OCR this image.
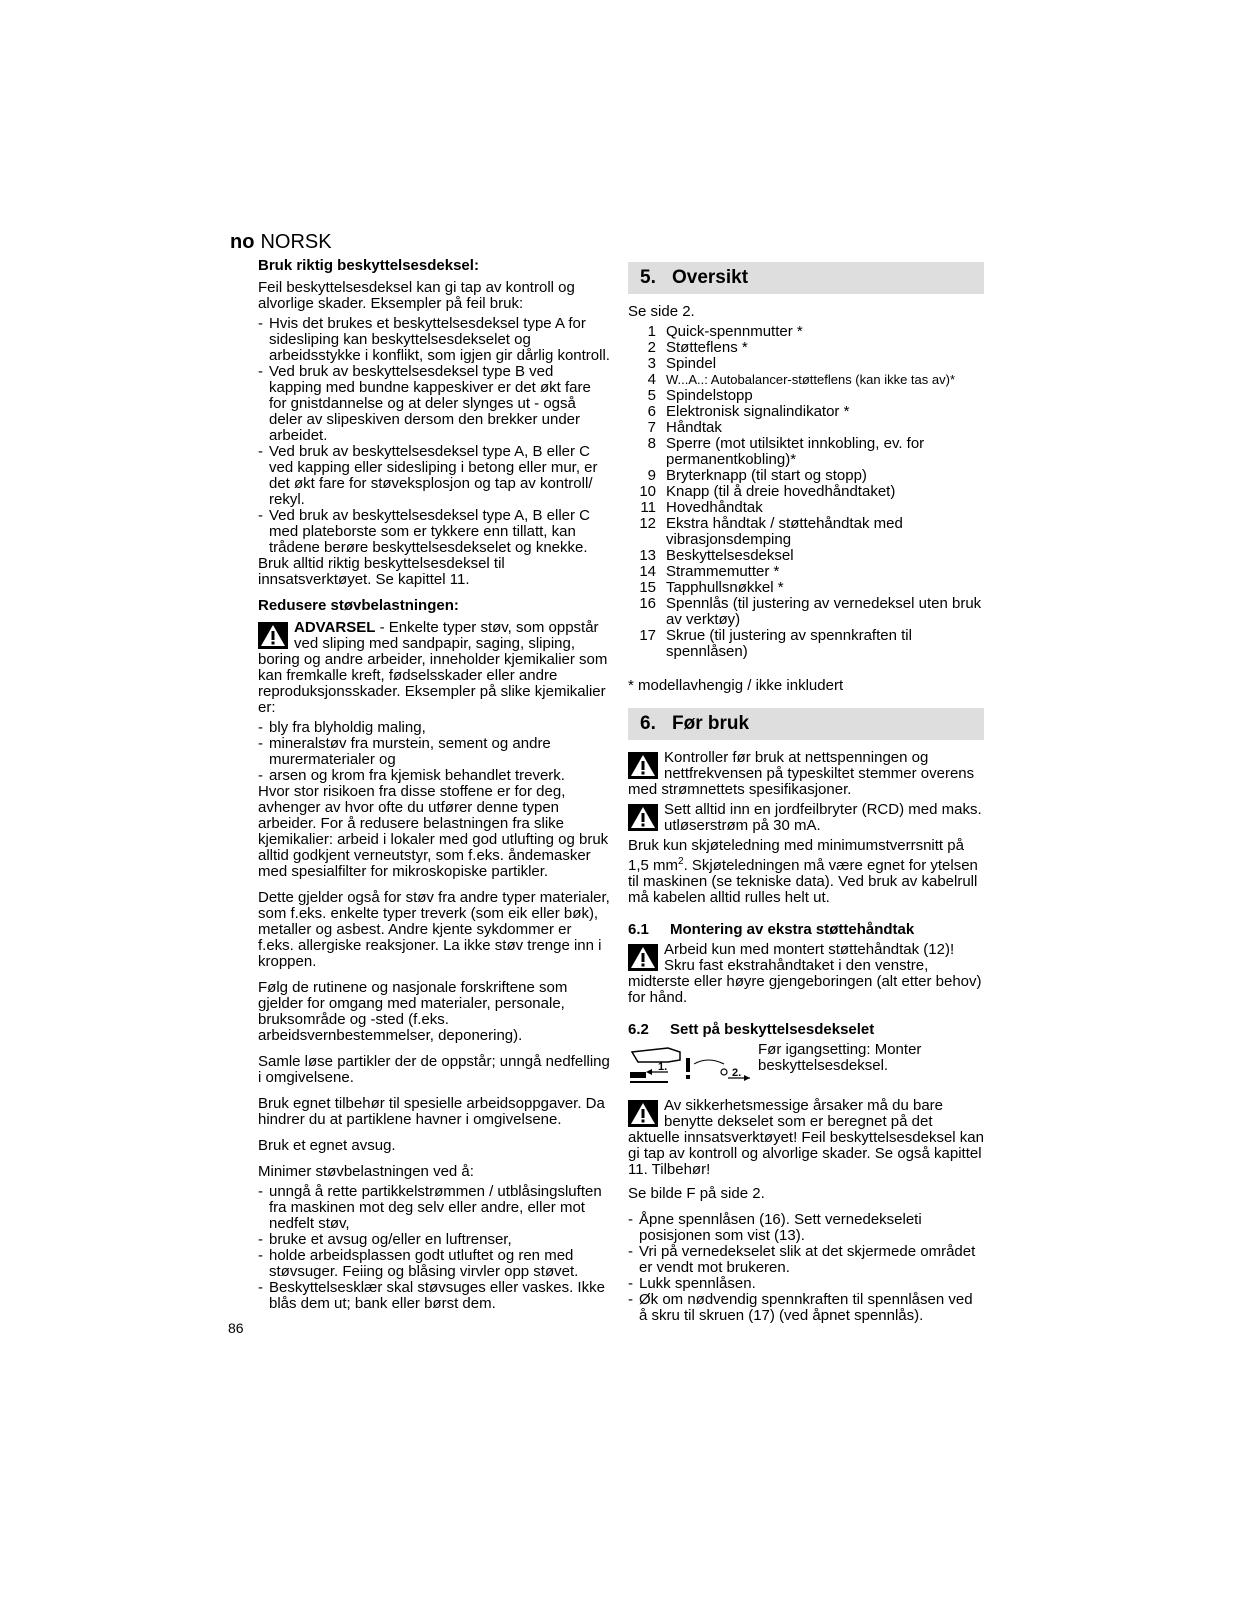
no NORSK
Bruk riktig beskyttelsesdeksel:

Feil beskyttelsesdeksel kan gi tap av kontroll og alvorlige skader. Eksempler på feil bruk:

- Hvis det brukes et beskyttelsesdeksel type A for sidesliping kan beskyttelsesdekselet og arbeidsstykke i konflikt, som igjen gir dårlig kontroll.
- Ved bruk av beskyttelsesdeksel type B ved kapping med bundne kappeskiver er det økt fare for gnistdannelse og at deler slynges ut - også deler av slipeskiven dersom den brekker under arbeidet.
- Ved bruk av beskyttelsesdeksel type A, B eller C ved kapping eller sidesliping i betong eller mur, er det økt fare for støveksplosjon og tap av kontroll/ rekyl.
- Ved bruk av beskyttelsesdeksel type A, B eller C med plateborste som er tykkere enn tillatt, kan trådene berøre beskyttelsesdekselet og knekke.

Bruk alltid riktig beskyttelsesdeksel til innsatsverktøyet. Se kapittel 11.

Redusere støvbelastningen:
ADVARSEL - Enkelte typer støv, som oppstår ved sliping med sandpapir, saging, sliping, boring og andre arbeider, inneholder kjemikalier som kan fremkalle kreft, fødselsskader eller andre reproduksjonsskader. Eksempler på slike kjemikalier er:
- bly fra blyholdig maling,
- mineralstøv fra murstein, sement og andre murermaterialer og
- arsen og krom fra kjemisk behandlet treverk.

Hvor stor risikoen fra disse stoffene er for deg, avhenger av hvor ofte du utfører denne typen arbeider. For å redusere belastningen fra slike kjemikalier: arbeid i lokaler med god utlufting og bruk alltid godkjent verneutstyr, som f.eks. åndemasker med spesialfilter for mikroskopiske partikler.

Dette gjelder også for støv fra andre typer materialer, som f.eks. enkelte typer treverk (som eik eller bøk), metaller og asbest. Andre kjente sykdommer er f.eks. allergiske reaksjoner. La ikke støv trenge inn i kroppen.

Følg de rutinene og nasjonale forskriftene som gjelder for omgang med materialer, personale, bruksområde og -sted (f.eks. arbeidsvernbestemmelser, deponering).

Samle løse partikler der de oppstår; unngå nedfelling i omgivelsene.

Bruk egnet tilbehør til spesielle arbeidsoppgaver. Da hindrer du at partiklene havner i omgivelsene.

Bruk et egnet avsug.

Minimer støvbelastningen ved å:

- unngå å rette partikkelstrømmen / utblåsingsluften fra maskinen mot deg selv eller andre, eller mot nedfelt støv,
- bruke et avsug og/eller en luftrenser,
- holde arbeidsplassen godt utluftet og ren med støvsuger. Feiing og blåsing virvler opp støvet.
- Beskyttelsesklær skal støvsuges eller vaskes. Ikke blås dem ut; bank eller børst dem.
5. Oversikt

Se side 2.

1 Quick-spennmutter *
2 Støtteflens *
3 Spindel
4 W...A..: Autobalancer-støtteflens (kan ikke tas av)*
5 Spindelstopp
6 Elektronisk signalindikator *
7 Håndtak
8 Sperre (mot utilsiktet innkobling, ev. for permanentkobling)*
9 Bryterknapp (til start og stopp)
10 Knapp (til å dreie hovedhåndtaket)
11 Hovedhåndtak
12 Ekstra håndtak / støttehåndtak med vibrasjonsdemping
13 Beskyttelsesdeksel
14 Strammemutter *
15 Tapphullsnøkkel *
16 Spennlås (til justering av vernedeksel uten bruk av verktøy)
17 Skrue (til justering av spennkraften til spennlåsen)

* modellavhengig / ikke inkludert

6. Før bruk
Kontroller før bruk at nettspenningen og nettfrekvensen på typeskiltet stemmer overens med strømnettets spesifikasjoner.
Sett alltid inn en jordfeilbryter (RCD) med maks. utløserstrøm på 30 mA.

Bruk kun skjøteledning med minimumstverrsnitt på 1,5 $mm^2$. Skjøteledningen må være egnet for ytelsen til maskinen (se tekniske data). Ved bruk av kabelrull må kabelen alltid rulles helt ut.

6.1 Montering av ekstra støttehåndtak
Arbeid kun med montert støttehåndtak (12)! Skru fast ekstrahåndtaket i den venstre, midterste eller høyre gjengeboringen (alt etter behov) for hånd.
6.2 Sett på beskyttelsesdekselet
1.	2.
Før igangsetting: Monter beskyttelsesdeksel.
Av sikkerhetsmessige årsaker må du bare benytte dekselet som er beregnet på det aktuelle innsatsverktøyet! Feil beskyttelsesdeksel kan gi tap av kontroll og alvorlige skader. Se også kapittel 11. Tilbehør!

Se bilde F på side 2.

- Åpne spennlåsen (16). Sett vernedekseleti posisjonen som vist (13).
- Vri på vernedekselet slik at det skjermede området er vendt mot brukeren.
- Lukk spennlåsen.
- Øk om nødvendig spennkraften til spennlåsen ved å skru til skruen (17) (ved åpnet spennlås).
86
